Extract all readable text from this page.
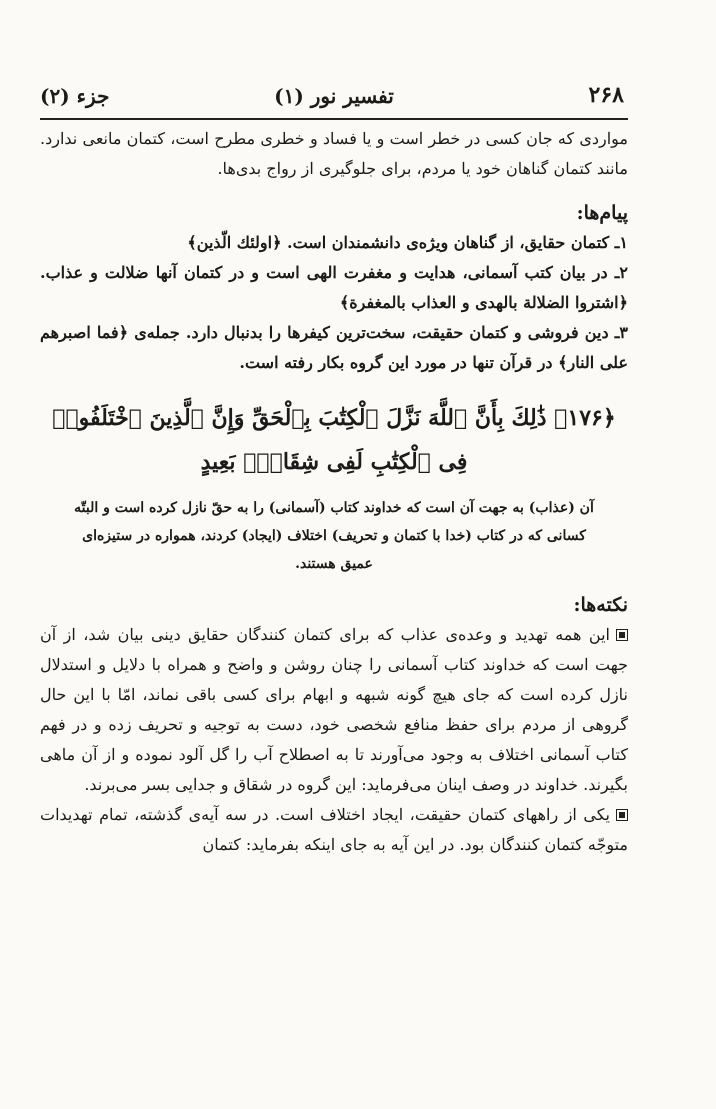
جزء (۲)	تفسیر نور (۱)	۲۶۸

مواردی که جان کسی در خطر است و یا فساد و خطری مطرح است، کتمان مانعی ندارد. مانند کتمان گناهان خود یا مردم، برای جلوگیری از رواج بدی‌ها.

پیام‌ها:

۱ـ کتمان حقایق، از گناهان ویژه‌ی دانشمندان است. ﴿اولئك الّذين﴾
۲ـ در بیان کتب آسمانی، هدایت و مغفرت الهی است و در کتمان آنها ضلالت و عذاب. ﴿اشتروا الضلالة بالهدی و العذاب بالمغفرة﴾
۳ـ دین فروشی و کتمان حقیقت، سخت‌ترین کیفرها را بدنبال دارد. جمله‌ی ﴿فما اصبرهم علی النار﴾ در قرآن تنها در مورد این گروه بکار رفته است.

﴿۱۷۶﴾ ذَٰلِكَ بِأَنَّ ٱللَّهَ نَزَّلَ ٱلْكِتَٰبَ بِٱلْحَقِّ وَإِنَّ ٱلَّذِينَ ٱخْتَلَفُوا۟ فِى ٱلْكِتَٰبِ لَفِى شِقَاقٍۭ بَعِيدٍ

آن (عذاب) به جهت آن است که خداوند کتاب (آسمانی) را به حقّ نازل کرده است و البتّه کسانی که در کتاب (خدا با کتمان و تحریف) اختلاف (ایجاد) کردند، همواره در ستیزه‌ای عمیق هستند.

نکته‌ها:

این همه تهدید و وعده‌ی عذاب که برای کتمان کنندگان حقایق دینی بیان شد، از آن جهت است که خداوند کتاب آسمانی را چنان روشن و واضح و همراه با دلایل و استدلال نازل کرده است که جای هیچ گونه شبهه و ابهام برای کسی باقی نماند، امّا با این حال گروهی از مردم برای حفظ منافع شخصی خود، دست به توجیه و تحریف زده و در فهم کتاب آسمانی اختلاف به وجود می‌آورند تا به اصطلاح آب را گل آلود نموده و از آن ماهی بگیرند. خداوند در وصف اینان می‌فرماید: این گروه در شقاق و جدایی بسر می‌برند.

یکی از راههای کتمان حقیقت، ایجاد اختلاف است. در سه آیه‌ی گذشته، تمام تهدیدات متوجّه کتمان کنندگان بود. در این آیه به جای اینکه بفرماید: کتمان
